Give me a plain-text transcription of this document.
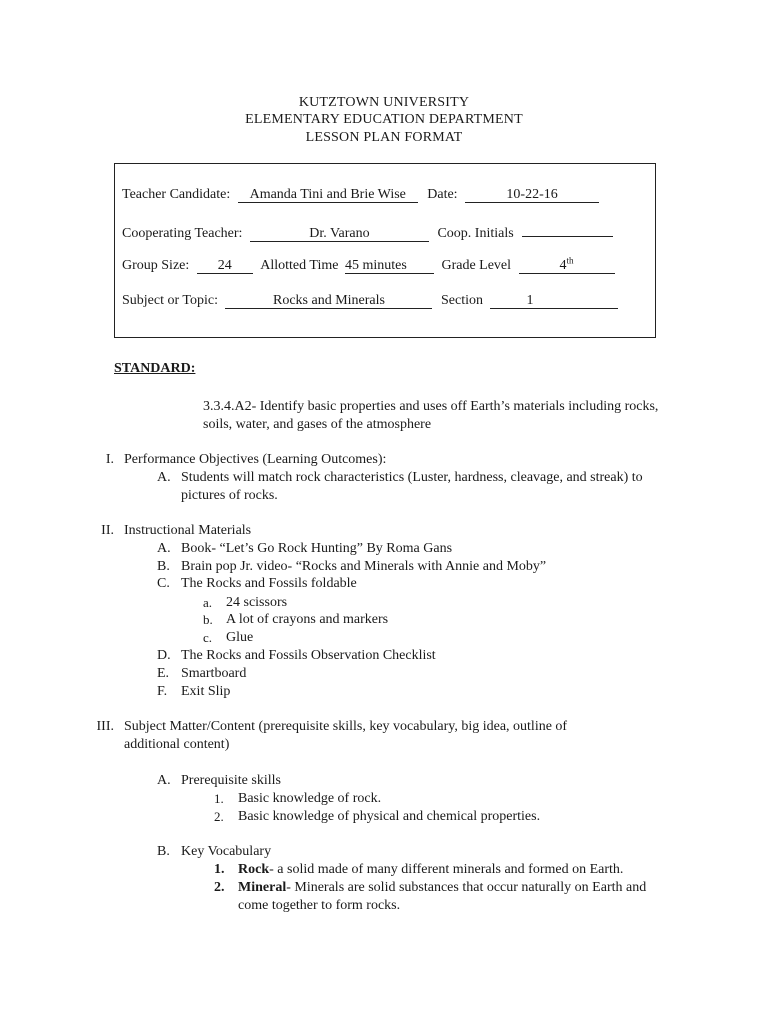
KUTZTOWN UNIVERSITY
ELEMENTARY EDUCATION DEPARTMENT
LESSON PLAN FORMAT
Teacher Candidate: Amanda Tini and Brie Wise Date:	10-22-16
Cooperating Teacher:	Dr. Varano	Coop. Initials
Group Size: 24 Allotted Time 45 minutes Grade Level	4th
Subject or Topic:	Rocks and Minerals	Section	1
STANDARD:
3.3.4.A2- Identify basic properties and uses off Earth’s materials including rocks, soils, water, and gases of the atmosphere
I. Performance Objectives (Learning Outcomes):
A. Students will match rock characteristics (Luster, hardness, cleavage, and streak) to pictures of rocks.
II. Instructional Materials
A. Book- “Let’s Go Rock Hunting” By Roma Gans
B. Brain pop Jr. video- “Rocks and Minerals with Annie and Moby”
C. The Rocks and Fossils foldable
a. 24 scissors
b. A lot of crayons and markers
c. Glue
D. The Rocks and Fossils Observation Checklist
E. Smartboard
F. Exit Slip
III. Subject Matter/Content (prerequisite skills, key vocabulary, big idea, outline of additional content)
A. Prerequisite skills
1. Basic knowledge of rock.
2. Basic knowledge of physical and chemical properties.
B. Key Vocabulary
1. Rock- a solid made of many different minerals and formed on Earth.
2. Mineral- Minerals are solid substances that occur naturally on Earth and come together to form rocks.
